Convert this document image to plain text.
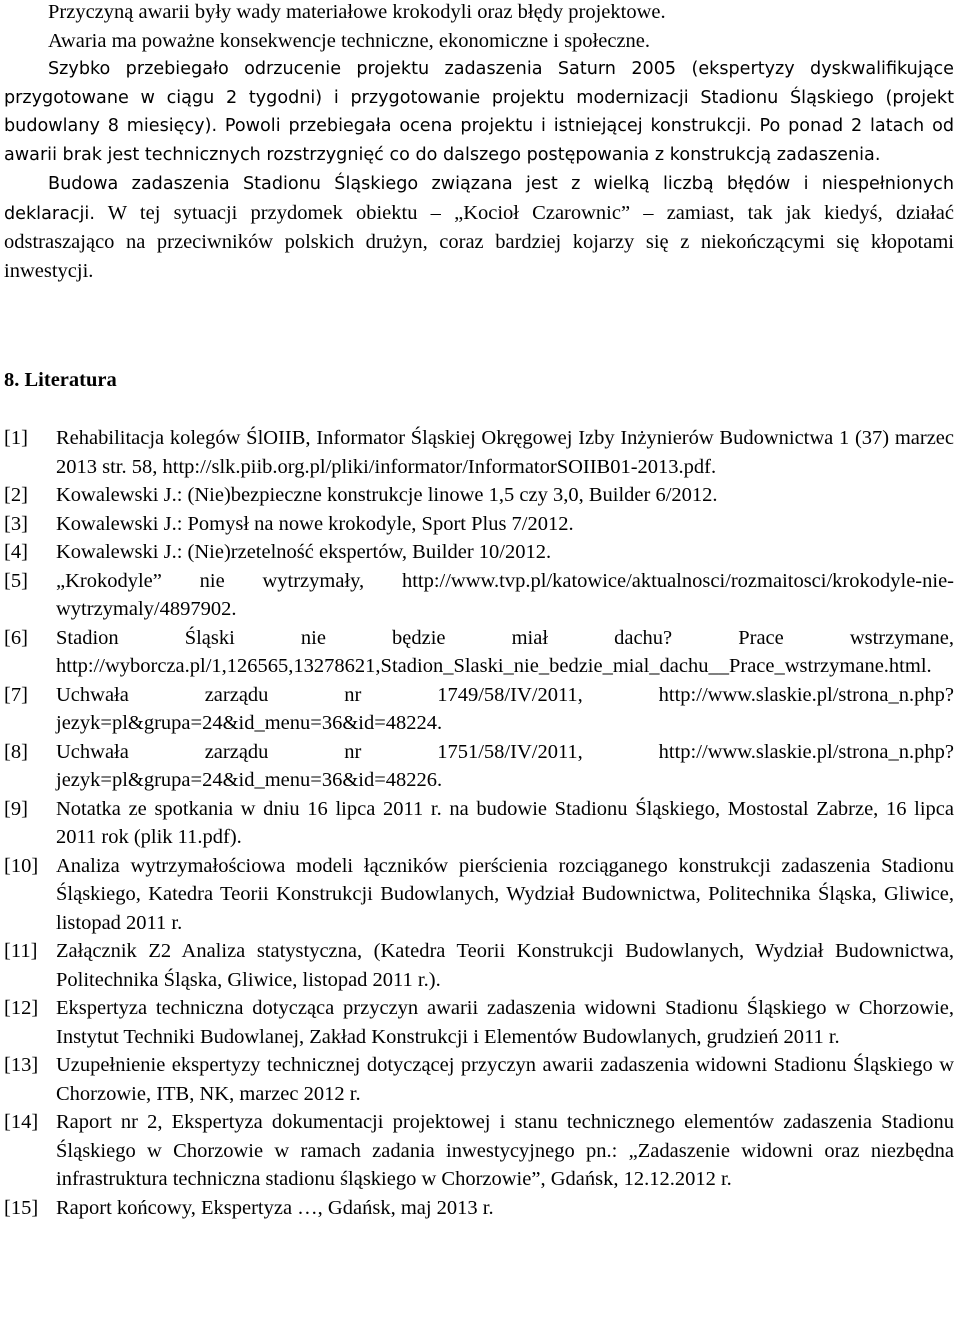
Przyczyną awarii były wady materiałowe krokodyli oraz błędy projektowe.

Awaria ma poważne konsekwencje techniczne, ekonomiczne i społeczne.

Szybko przebiegało odrzucenie projektu zadaszenia Saturn 2005 (ekspertyzy dyskwalifikujące przygotowane w ciągu 2 tygodni) i przygotowanie projektu modernizacji Stadionu Śląskiego (projekt budowlany 8 miesięcy). Powoli przebiegała ocena projektu i istniejącej konstrukcji. Po ponad 2 latach od awarii brak jest technicznych rozstrzygnięć co do dalszego postępowania z konstrukcją zadaszenia.

Budowa zadaszenia Stadionu Śląskiego związana jest z wielką liczbą błędów i niespełnionych deklaracji. W tej sytuacji przydomek obiektu – „Kocioł Czarownic” – zamiast, tak jak kiedyś, działać odstraszająco na przeciwników polskich drużyn, coraz bardziej kojarzy się z niekończącymi się kłopotami inwestycji.

8. Literatura
[1]	Rehabilitacja kolegów ŚlOIIB, Informator Śląskiej Okręgowej Izby Inżynierów Budownictwa 1 (37) marzec 2013 str. 58, http://slk.piib.org.pl/pliki/informator/InformatorSOIIB01-2013.pdf.
[2]	Kowalewski J.: (Nie)bezpieczne konstrukcje linowe 1,5 czy 3,0, Builder 6/2012.
[3]	Kowalewski J.: Pomysł na nowe krokodyle, Sport Plus 7/2012.
[4]	Kowalewski J.: (Nie)rzetelność ekspertów, Builder 10/2012.
[5]	„Krokodyle” nie wytrzymały, http://www.tvp.pl/katowice/aktualnosci/rozmaitosci/krokodyle-nie-wytrzymaly/4897902.
[6]	Stadion Śląski nie będzie miał dachu? Prace wstrzymane, http://wyborcza.pl/1,126565,13278621,Stadion_Slaski_nie_bedzie_mial_dachu__Prace_wstrzymane.html.
[7]	Uchwała zarządu nr 1749/58/IV/2011, http://www.slaskie.pl/strona_n.php?jezyk=pl&grupa=24&id_menu=36&id=48224.
[8]	Uchwała zarządu nr 1751/58/IV/2011, http://www.slaskie.pl/strona_n.php?jezyk=pl&grupa=24&id_menu=36&id=48226.
[9]	Notatka ze spotkania w dniu 16 lipca 2011 r. na budowie Stadionu Śląskiego, Mostostal Zabrze, 16 lipca 2011 rok (plik 11.pdf).
[10] Analiza wytrzymałościowa modeli łączników pierścienia rozciąganego konstrukcji zadaszenia Stadionu Śląskiego, Katedra Teorii Konstrukcji Budowlanych, Wydział Budownictwa, Politechnika Śląska, Gliwice, listopad 2011 r.
[11] Załącznik Z2 Analiza statystyczna, (Katedra Teorii Konstrukcji Budowlanych, Wydział Budownictwa, Politechnika Śląska, Gliwice, listopad 2011 r.).
[12] Ekspertyza techniczna dotycząca przyczyn awarii zadaszenia widowni Stadionu Śląskiego w Chorzowie, Instytut Techniki Budowlanej, Zakład Konstrukcji i Elementów Budowlanych, grudzień 2011 r.
[13] Uzupełnienie ekspertyzy technicznej dotyczącej przyczyn awarii zadaszenia widowni Stadionu Śląskiego w Chorzowie, ITB, NK, marzec 2012 r.
[14] Raport nr 2, Ekspertyza dokumentacji projektowej i stanu technicznego elementów zadaszenia Stadionu Śląskiego w Chorzowie w ramach zadania inwestycyjnego pn.: „Zadaszenie widowni oraz niezbędna infrastruktura techniczna stadionu śląskiego w Chorzowie”, Gdańsk, 12.12.2012 r.
[15] Raport końcowy, Ekspertyza …, Gdańsk, maj 2013 r.
